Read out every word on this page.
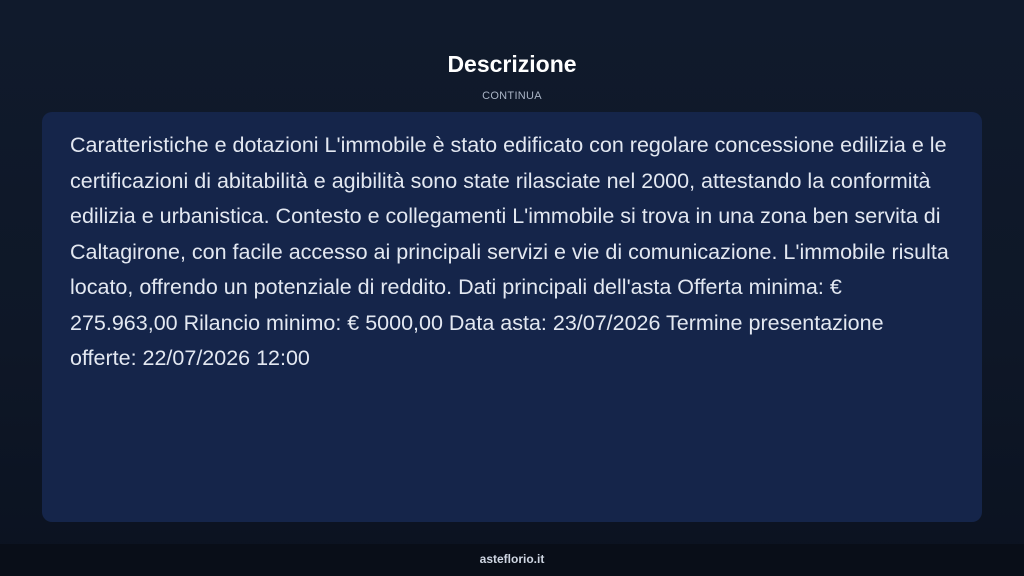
Descrizione
CONTINUA

Caratteristiche e dotazioni L'immobile è stato edificato con regolare concessione edilizia e le certificazioni di abitabilità e agibilità sono state rilasciate nel 2000, attestando la conformità edilizia e urbanistica. Contesto e collegamenti L'immobile si trova in una zona ben servita di Caltagirone, con facile accesso ai principali servizi e vie di comunicazione. L'immobile risulta locato, offrendo un potenziale di reddito. Dati principali dell'asta Offerta minima: € 275.963,00 Rilancio minimo: € 5000,00 Data asta: 23/07/2026 Termine presentazione offerte: 22/07/2026 12:00

asteflorio.it
